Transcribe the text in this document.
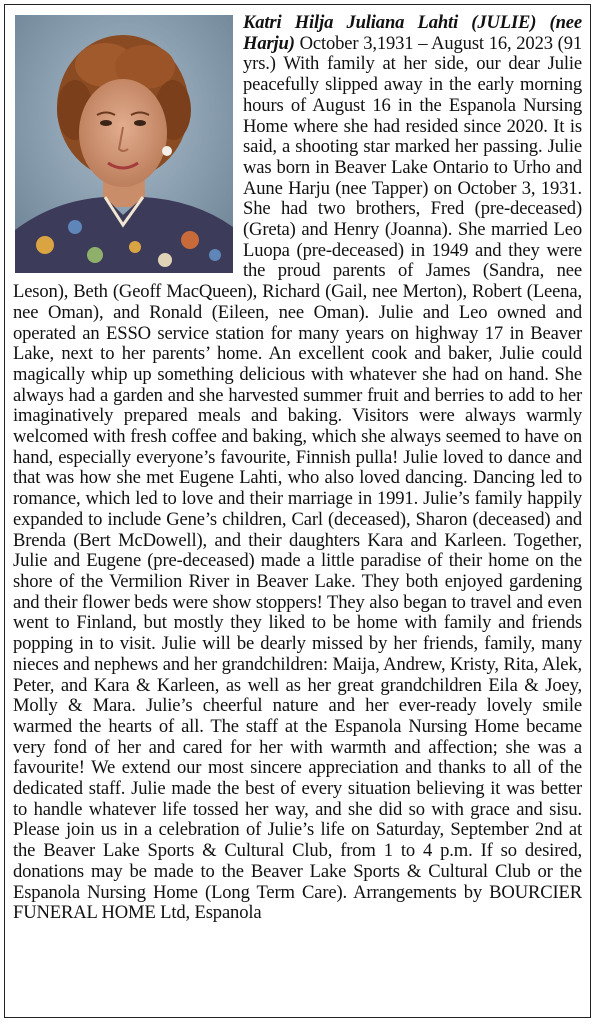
Katri Hilja Juliana Lahti (JULIE) (nee Harju) October 3,1931 – August 16, 2023 (91 yrs.) With family at her side, our dear Julie peacefully slipped away in the early morning hours of August 16 in the Espanola Nursing Home where she had resided since 2020. It is said, a shooting star marked her passing. Julie was born in Beaver Lake Ontario to Urho and Aune Harju (nee Tapper) on October 3, 1931. She had two brothers, Fred (pre-deceased) (Greta) and Henry (Joanna). She married Leo Luopa (pre-deceased) in 1949 and they were the proud parents of James (Sandra, nee Leson), Beth (Geoff MacQueen), Richard (Gail, nee Merton), Robert (Leena, nee Oman), and Ronald (Eileen, nee Oman). Julie and Leo owned and operated an ESSO service station for many years on highway 17 in Beaver Lake, next to her parents’ home. An excellent cook and baker, Julie could magically whip up something delicious with whatever she had on hand. She always had a garden and she harvested summer fruit and berries to add to her imaginatively prepared meals and baking. Visitors were always warmly welcomed with fresh coffee and baking, which she always seemed to have on hand, especially everyone’s favourite, Finnish pulla! Julie loved to dance and that was how she met Eugene Lahti, who also loved dancing. Dancing led to romance, which led to love and their marriage in 1991. Julie’s family happily expanded to include Gene’s children, Carl (deceased), Sharon (deceased) and Brenda (Bert McDowell), and their daughters Kara and Karleen. Together, Julie and Eugene (pre-deceased) made a little paradise of their home on the shore of the Vermilion River in Beaver Lake. They both enjoyed gardening and their flower beds were show stoppers! They also began to travel and even went to Finland, but mostly they liked to be home with family and friends popping in to visit. Julie will be dearly missed by her friends, family, many nieces and nephews and her grandchildren: Maija, Andrew, Kristy, Rita, Alek, Peter, and Kara & Karleen, as well as her great grandchildren Eila & Joey, Molly & Mara. Julie’s cheerful nature and her ever-ready lovely smile warmed the hearts of all. The staff at the Espanola Nursing Home became very fond of her and cared for her with warmth and affection; she was a favourite! We extend our most sincere appreciation and thanks to all of the dedicated staff. Julie made the best of every situation believing it was better to handle whatever life tossed her way, and she did so with grace and sisu. Please join us in a celebration of Julie’s life on Saturday, September 2nd at the Beaver Lake Sports & Cultural Club, from 1 to 4 p.m. If so desired, donations may be made to the Beaver Lake Sports & Cultural Club or the Espanola Nursing Home (Long Term Care). Arrangements by BOURCIER FUNERAL HOME Ltd, Espanola
